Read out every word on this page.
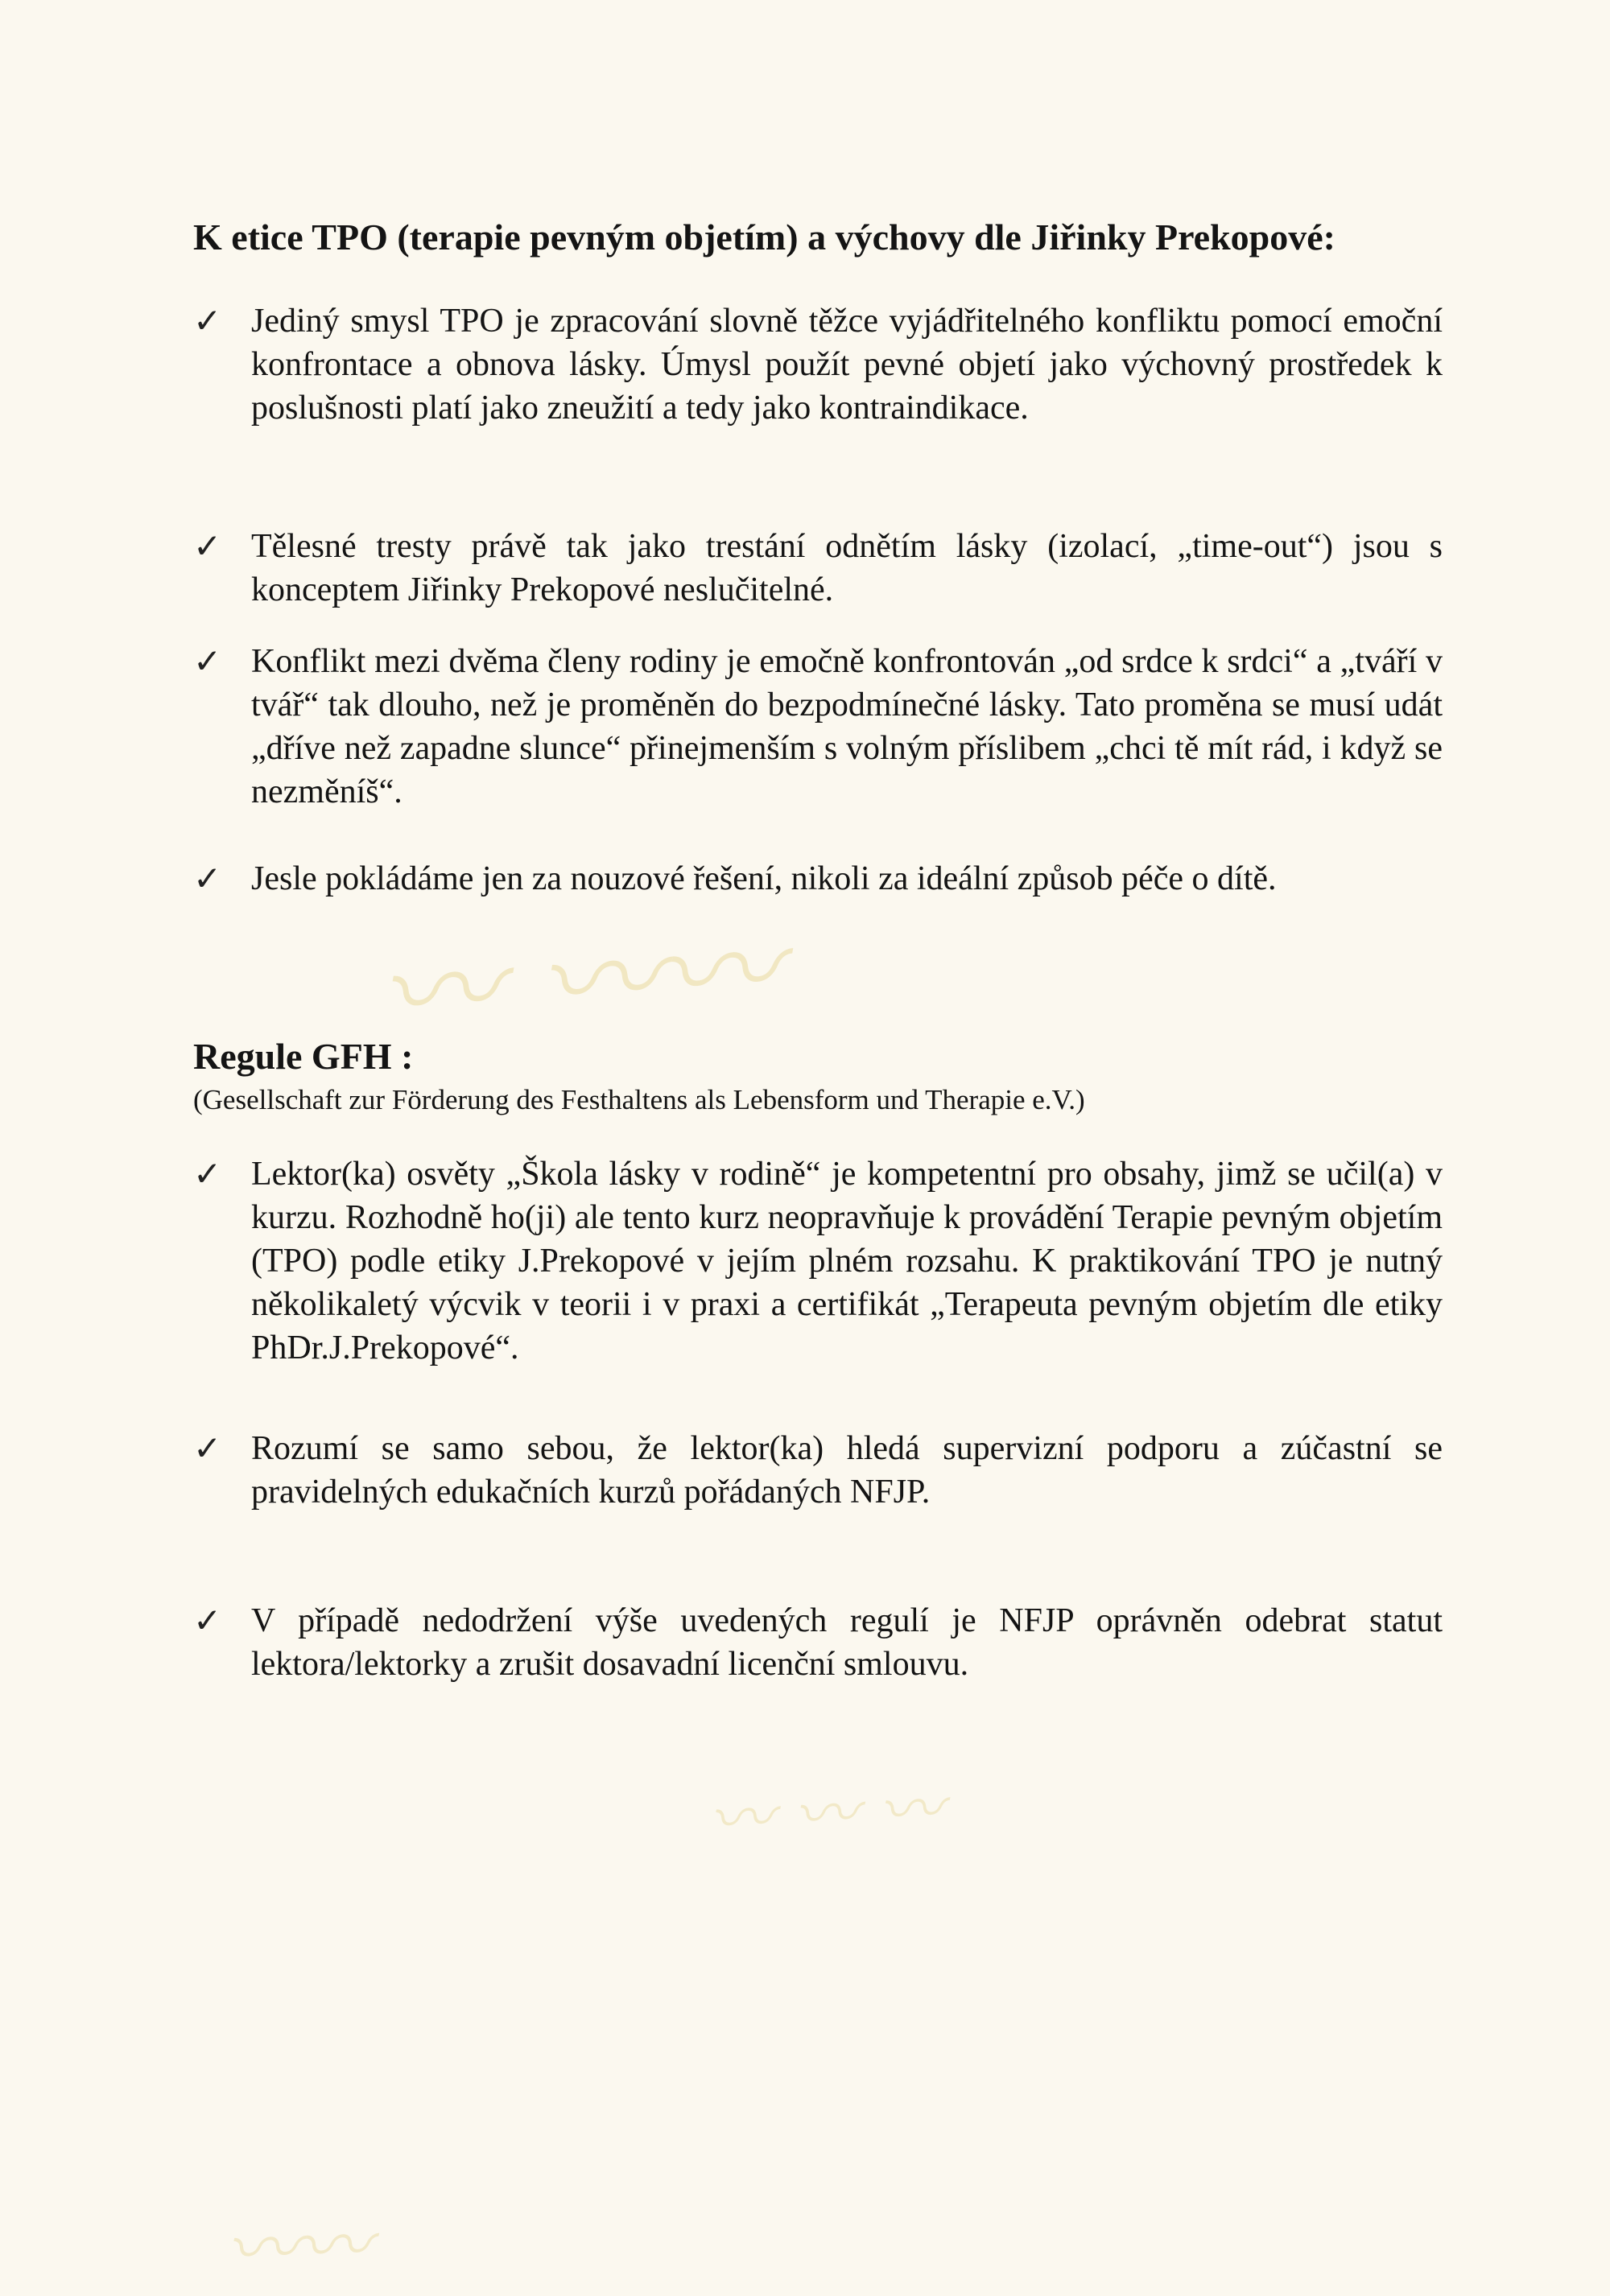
〰 〰〰
〰 〰 〰
〰〰
K etice TPO (terapie pevným objetím) a výchovy dle Jiřinky Prekopové:
✓ Jediný smysl TPO je zpracování slovně těžce vyjádřitelného konfliktu pomocí emoční konfrontace a obnova lásky. Úmysl použít pevné objetí jako výchovný prostředek k poslušnosti platí jako zneužití a tedy jako kontraindikace.
✓ Tělesné tresty právě tak jako trestání odnětím lásky (izolací, „time-out“) jsou s konceptem Jiřinky Prekopové neslučitelné.
✓ Konflikt mezi dvěma členy rodiny je emočně konfrontován „od srdce k srdci“ a „tváří v tvář“ tak dlouho, než je proměněn do bezpodmínečné lásky. Tato proměna se musí udát „dříve než zapadne slunce“ přinejmenším s volným příslibem „chci tě mít rád, i když se nezměníš“.
✓ Jesle pokládáme jen za nouzové řešení, nikoli za ideální způsob péče o dítě.
Regule GFH :
(Gesellschaft zur Förderung des Festhaltens als Lebensform und Therapie e.V.)
✓ Lektor(ka) osvěty „Škola lásky v rodině“ je kompetentní pro obsahy, jimž se učil(a) v kurzu. Rozhodně ho(ji) ale tento kurz neopravňuje k provádění Terapie pevným objetím (TPO) podle etiky J.Prekopové v jejím plném rozsahu. K praktikování TPO je nutný několikaletý výcvik v teorii i v praxi a certifikát „Terapeuta pevným objetím dle etiky PhDr.J.Prekopové“.
✓ Rozumí se samo sebou, že lektor(ka) hledá supervizní podporu a zúčastní se pravidelných edukačních kurzů pořádaných NFJP.
✓ V případě nedodržení výše uvedených regulí je NFJP oprávněn odebrat statut lektora/lektorky a zrušit dosavadní licenční smlouvu.
